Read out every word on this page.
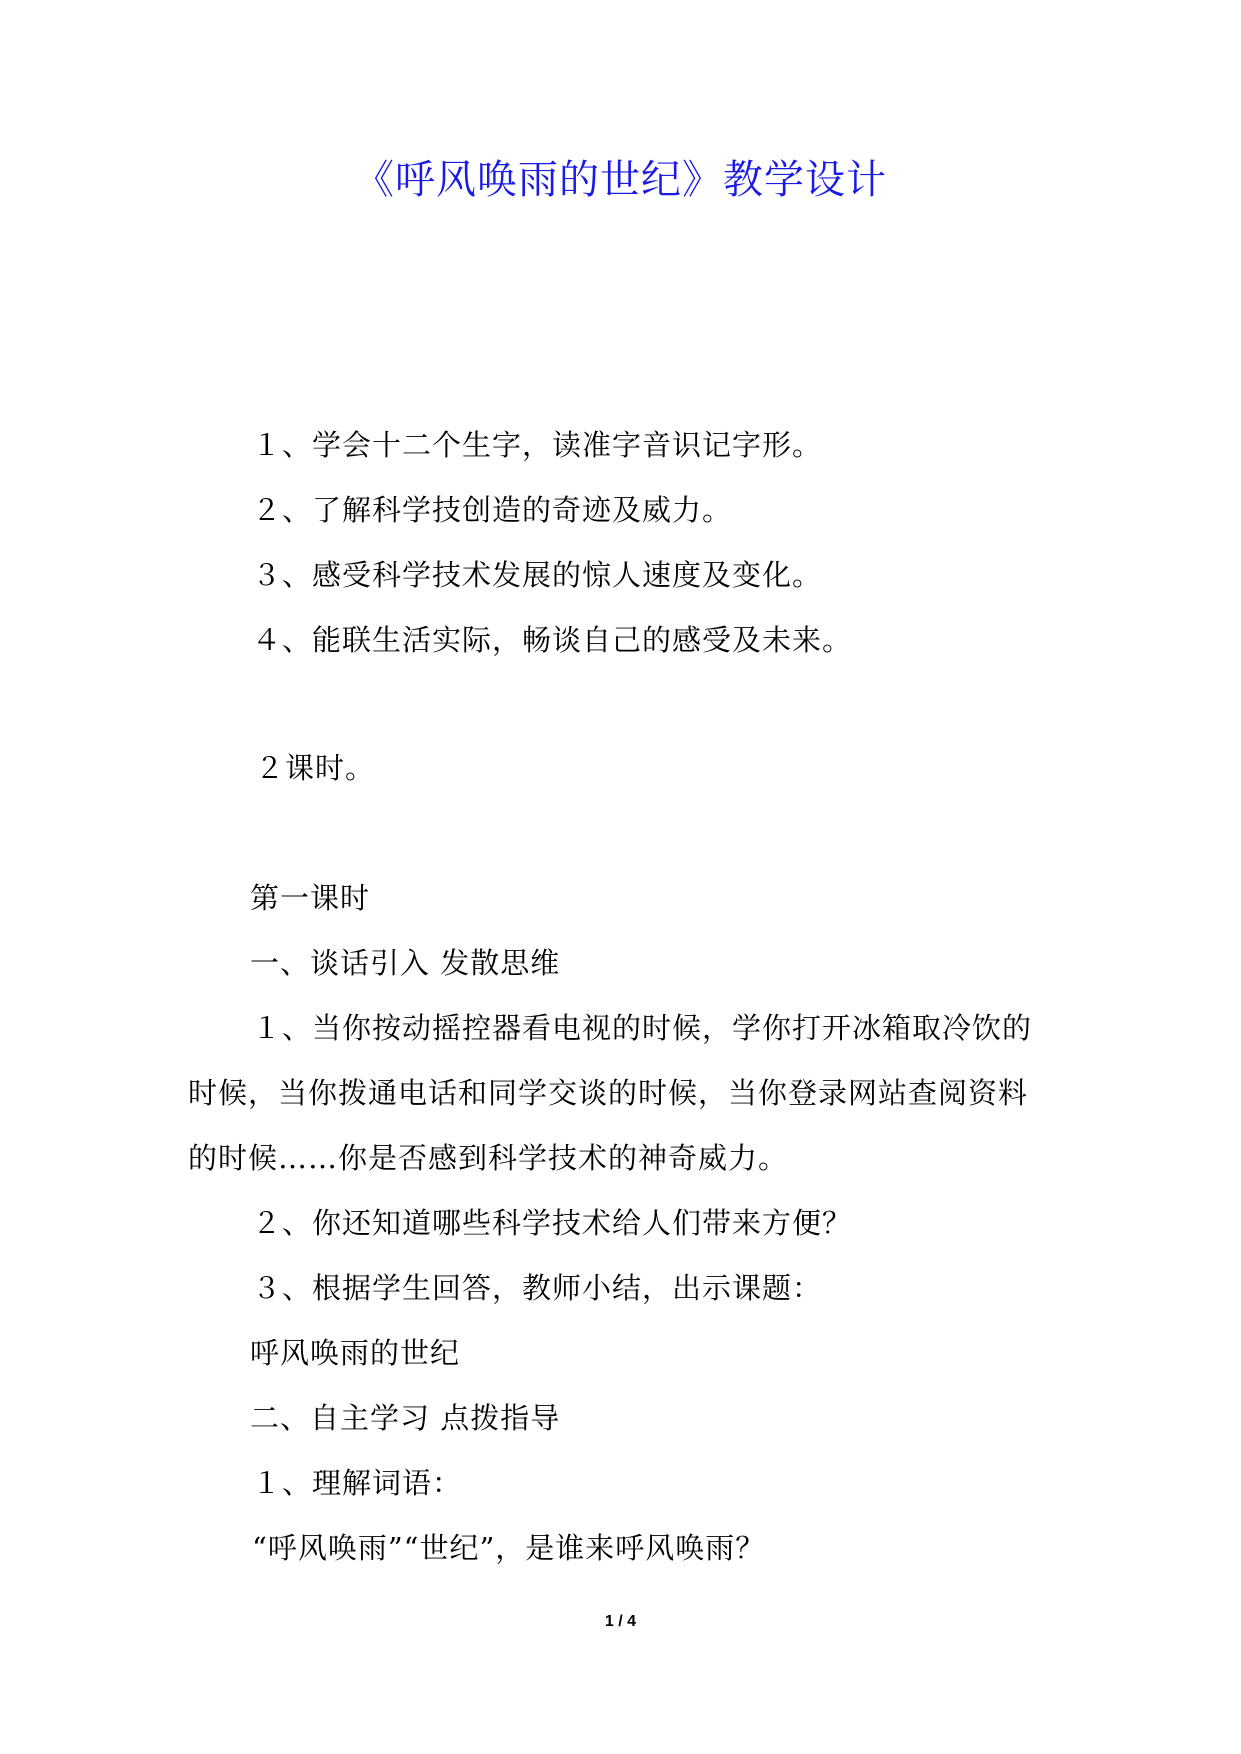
《呼风唤雨的世纪》教学设计
１、学会十二个生字，读准字音识记字形。
２、了解科学技创造的奇迹及威力。
３、感受科学技术发展的惊人速度及变化。
４、能联生活实际，畅谈自己的感受及未来。
２课时。
第一课时
一、谈话引入 发散思维
１、当你按动摇控器看电视的时候，学你打开冰箱取冷饮的
时候，当你拨通电话和同学交谈的时候，当你登录网站查阅资料
的时候……你是否感到科学技术的神奇威力。
２、你还知道哪些科学技术给人们带来方便？
３、根据学生回答，教师小结，出示课题：
呼风唤雨的世纪
二、自主学习 点拨指导
１、理解词语：
“呼风唤雨”“世纪”，是谁来呼风唤雨？
1 / 4
